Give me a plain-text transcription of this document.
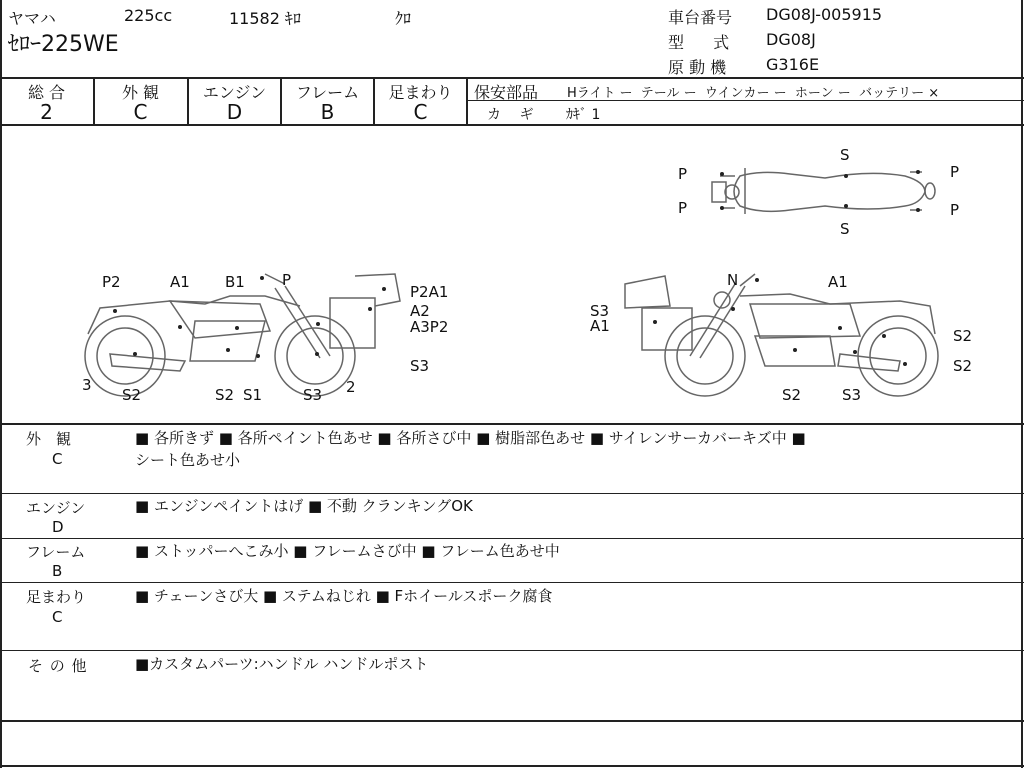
ヤマハ	225cc	11582 ｷﾛ	ｸﾛ
ｾﾛｰ225WE
車台番号 DG08J-005915
型 式 DG08J
原 動 機 G316E
総 合
2
外 観
C
エンジン
D
フレーム
B
足まわり
C
保安部品 Hライト ー  テール ー  ウインカー ー  ホーン ー  バッテリー ×
カ ギ ｶｷﾞ 1
P
P
P
P
S
S
P2	A1 B1 P
P2A1
A2
A3P2
S3
3
S2	S2 S1	S3 2
N	A1
S3
A1
S2
S2
S2	S3
外　観
C
■ 各所きず ■ 各所ペイント色あせ ■ 各所さび中 ■ 樹脂部色あせ ■ サイレンサーカバーキズ中 ■
シート色あせ小
エンジン
D
■ エンジンペイントはげ ■ 不動 クランキングOK
フレーム
B
■ ストッパーへこみ小 ■ フレームさび中 ■ フレーム色あせ中
足まわり
C
■ チェーンさび大 ■ ステムねじれ ■ Fホイールスポーク腐食
そ の 他	■カスタムパーツ:ハンドル ハンドルポスト
